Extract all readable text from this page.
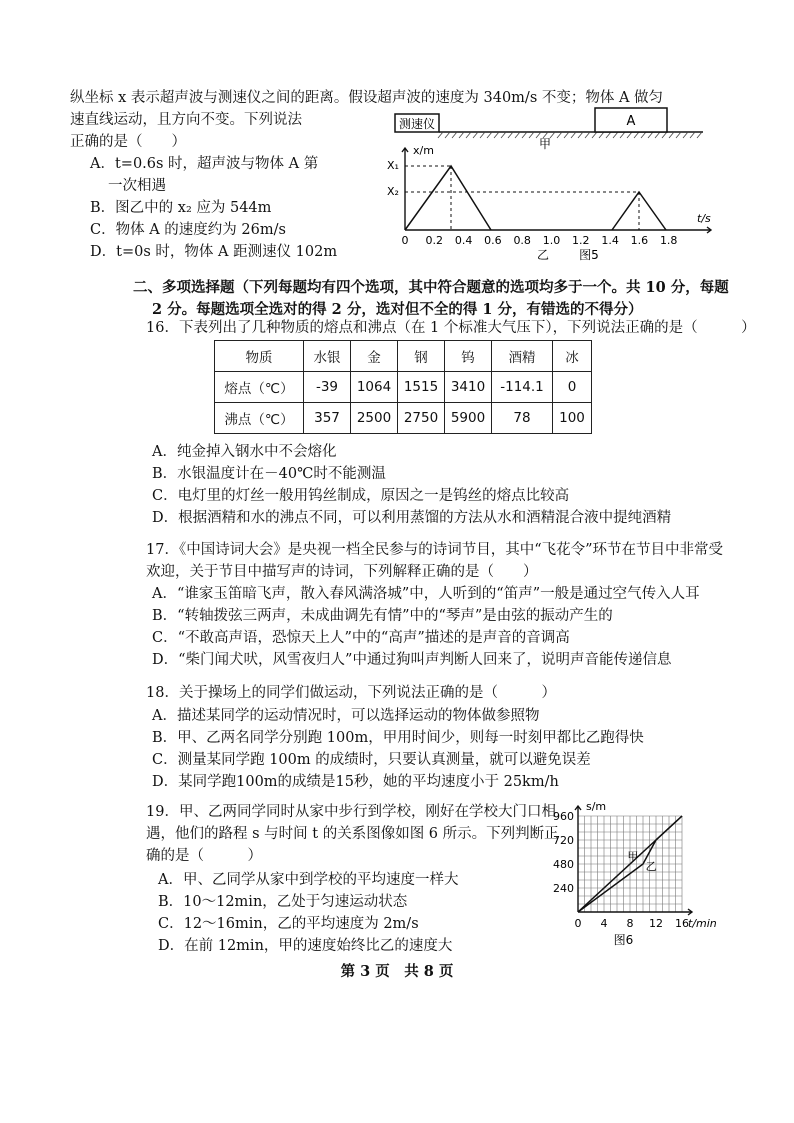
纵坐标 x 表示超声波与测速仪之间的距离。假设超声波的速度为 340m/s 不变；物体 A 做匀
速直线运动，且方向不变。下列说法
正确的是（　　）
A．t=0.6s 时，超声波与物体 A 第
一次相遇
B．图乙中的 x₂ 应为 544m
C．物体 A 的速度约为 26m/s
D．t=0s 时，物体 A 距测速仪 102m
测速仪	A
甲
x/m
t/s
X₁
X₂
0 0.2 0.4 0.6 0.8 1.0 1.2 1.4 1.6 1.8
乙	图5
二、多项选择题（下列每题均有四个选项，其中符合题意的选项均多于一个。共 10 分，每题
2 分。每题选项全选对的得 2 分，选对但不全的得 1 分，有错选的不得分）
16．下表列出了几种物质的熔点和沸点（在 1 个标准大气压下），下列说法正确的是（　　　）
物质	水银	金	钢	钨	酒精	冰
熔点（℃）	-39	1064	1515	3410	-114.1	0
沸点（℃）	357	2500	2750	5900	78	100
A．纯金掉入钢水中不会熔化
B．水银温度计在－40℃时不能测温
C．电灯里的灯丝一般用钨丝制成，原因之一是钨丝的熔点比较高
D．根据酒精和水的沸点不同，可以利用蒸馏的方法从水和酒精混合液中提纯酒精
17．《中国诗词大会》是央视一档全民参与的诗词节目，其中“飞花令”环节在节目中非常受
欢迎，关于节目中描写声的诗词，下列解释正确的是（　　）
A．“谁家玉笛暗飞声，散入春风满洛城”中，人听到的“笛声”一般是通过空气传入人耳
B．“转轴拨弦三两声，未成曲调先有情”中的“琴声”是由弦的振动产生的
C．“不敢高声语，恐惊天上人”中的“高声”描述的是声音的音调高
D．“柴门闻犬吠，风雪夜归人”中通过狗叫声判断人回来了，说明声音能传递信息
18．关于操场上的同学们做运动，下列说法正确的是（　　　）
A．描述某同学的运动情况时，可以选择运动的物体做参照物
B．甲、乙两名同学分别跑 100m，甲用时间少，则每一时刻甲都比乙跑得快
C．测量某同学跑 100m 的成绩时，只要认真测量，就可以避免误差
D．某同学跑100m的成绩是15秒，她的平均速度小于 25km/h
19．甲、乙两同学同时从家中步行到学校，刚好在学校大门口相
遇，他们的路程 s 与时间 t 的关系图像如图 6 所示。下列判断正
确的是（　　　）
A．甲、乙同学从家中到学校的平均速度一样大
B．10～12min，乙处于匀速运动状态
C．12～16min，乙的平均速度为 2m/s
D．在前 12min，甲的速度始终比乙的速度大
240
480
720
960
0 4 8 12 16
s/m
t/min
甲
乙
图6
第 3 页　共 8 页
